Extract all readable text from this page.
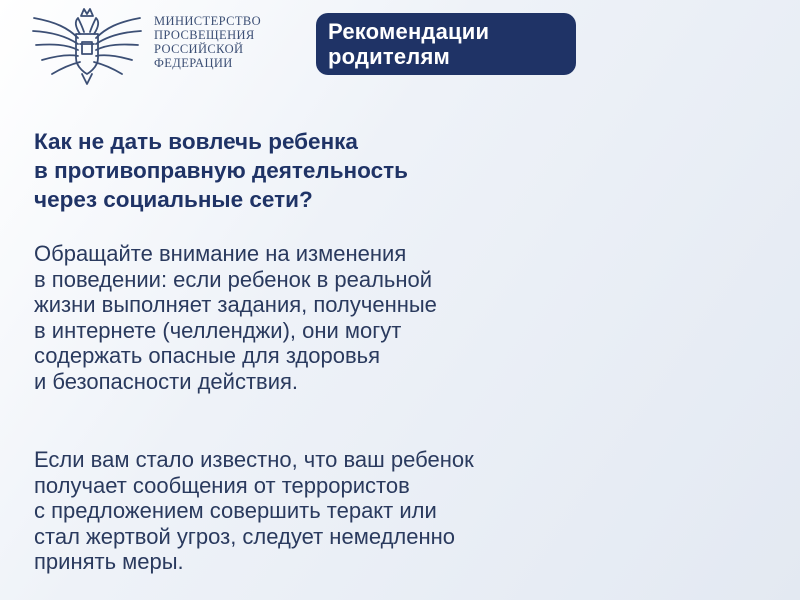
МИНИСТЕРСТВО
ПРОСВЕЩЕНИЯ
РОССИЙСКОЙ
ФЕДЕРАЦИИ

Рекомендации
родителям
Как не дать вовлечь ребенка
в противоправную деятельность
через социальные сети?

Обращайте внимание на изменения
в поведении: если ребенок в реальной
жизни выполняет задания, полученные
в интернете (челленджи), они могут
содержать опасные для здоровья
и безопасности действия.

Если вам стало известно, что ваш ребенок
получает сообщения от террористов
с предложением совершить теракт или
стал жертвой угроз, следует немедленно
принять меры.
